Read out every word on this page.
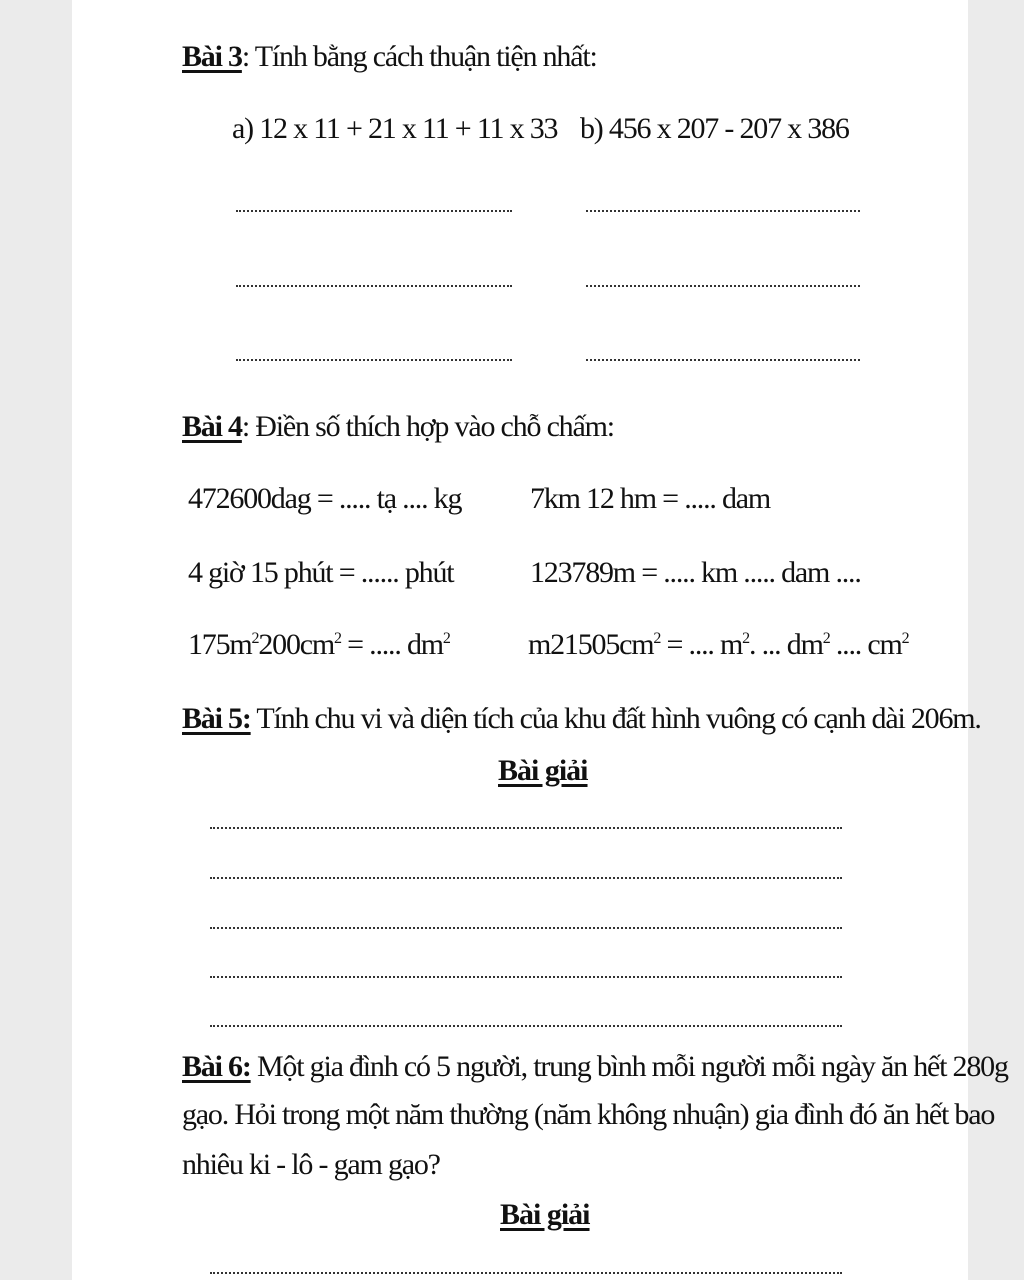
Bài 3: Tính bằng cách thuận tiện nhất:
a) 12 x 11 + 21 x 11 + 11 x 33 b) 456 x 207 - 207 x 386
Bài 4: Điền số thích hợp vào chỗ chấm:
472600dag = ..... tạ .... kg 7km 12 hm = ..... dam
4 giờ 15 phút = ...... phút	123789m = ..... km ..... dam ....
$175m^2200cm^2$ = ..... $dm^2$	$m21505cm^2$ = .... $m^2$. ... $dm^2$ .... $cm^2$
Bài 5: Tính chu vi và diện tích của khu đất hình vuông có cạnh dài 206m.
Bài giải
Bài 6: Một gia đình có 5 người, trung bình mỗi người mỗi ngày ăn hết 280g
gạo. Hỏi trong một năm thường (năm không nhuận) gia đình đó ăn hết bao
nhiêu ki - lô - gam gạo?
Bài giải
